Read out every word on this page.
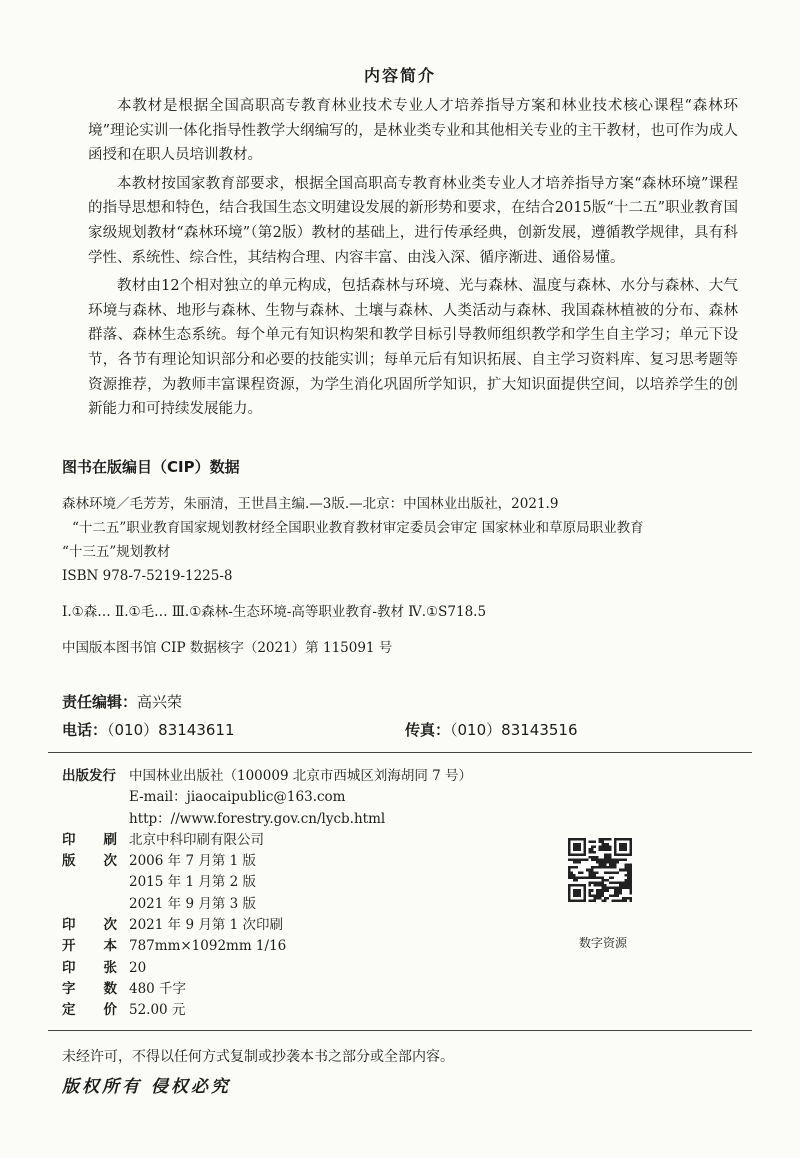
内容简介

本教材是根据全国高职高专教育林业技术专业人才培养指导方案和林业技术核心课程“森林环境”理论实训一体化指导性教学大纲编写的，是林业类专业和其他相关专业的主干教材，也可作为成人函授和在职人员培训教材。

本教材按国家教育部要求，根据全国高职高专教育林业类专业人才培养指导方案“森林环境”课程的指导思想和特色，结合我国生态文明建设发展的新形势和要求，在结合2015版“十二五”职业教育国家级规划教材“森林环境”（第2版）教材的基础上，进行传承经典，创新发展，遵循教学规律，具有科学性、系统性、综合性，其结构合理、内容丰富、由浅入深、循序渐进、通俗易懂。

教材由12个相对独立的单元构成，包括森林与环境、光与森林、温度与森林、水分与森林、大气环境与森林、地形与森林、生物与森林、土壤与森林、人类活动与森林、我国森林植被的分布、森林群落、森林生态系统。每个单元有知识构架和教学目标引导教师组织教学和学生自主学习；单元下设节，各节有理论知识部分和必要的技能实训；每单元后有知识拓展、自主学习资料库、复习思考题等资源推荐，为教师丰富课程资源，为学生消化巩固所学知识，扩大知识面提供空间，以培养学生的创新能力和可持续发展能力。

图书在版编目（CIP）数据
森林环境／毛芳芳，朱丽清，王世昌主编.—3版.—北京：中国林业出版社，2021.9
“十二五”职业教育国家规划教材经全国职业教育教材审定委员会审定 国家林业和草原局职业教育
“十三五”规划教材
ISBN 978-7-5219-1225-8
Ⅰ.①森… Ⅱ.①毛… Ⅲ.①森林-生态环境-高等职业教育-教材 Ⅳ.①S718.5
中国版本图书馆 CIP 数据核字（2021）第 115091 号
责任编辑：高兴荣
电话：（010）83143611	传真：（010）83143516
出版发行 中国林业出版社（100009 北京市西城区刘海胡同 7 号）
E-mail：jiaocaipublic@163.com
http：//www.forestry.gov.cn/lycb.html
印 刷 北京中科印刷有限公司
版 次 2006 年 7 月第 1 版
2015 年 1 月第 2 版
2021 年 9 月第 3 版
印 次 2021 年 9 月第 1 次印刷
开 本 787mm×1092mm 1/16
印 张 20
字 数 480 千字
定 价 52.00 元
数字资源
未经许可，不得以任何方式复制或抄袭本书之部分或全部内容。
版权所有 侵权必究
